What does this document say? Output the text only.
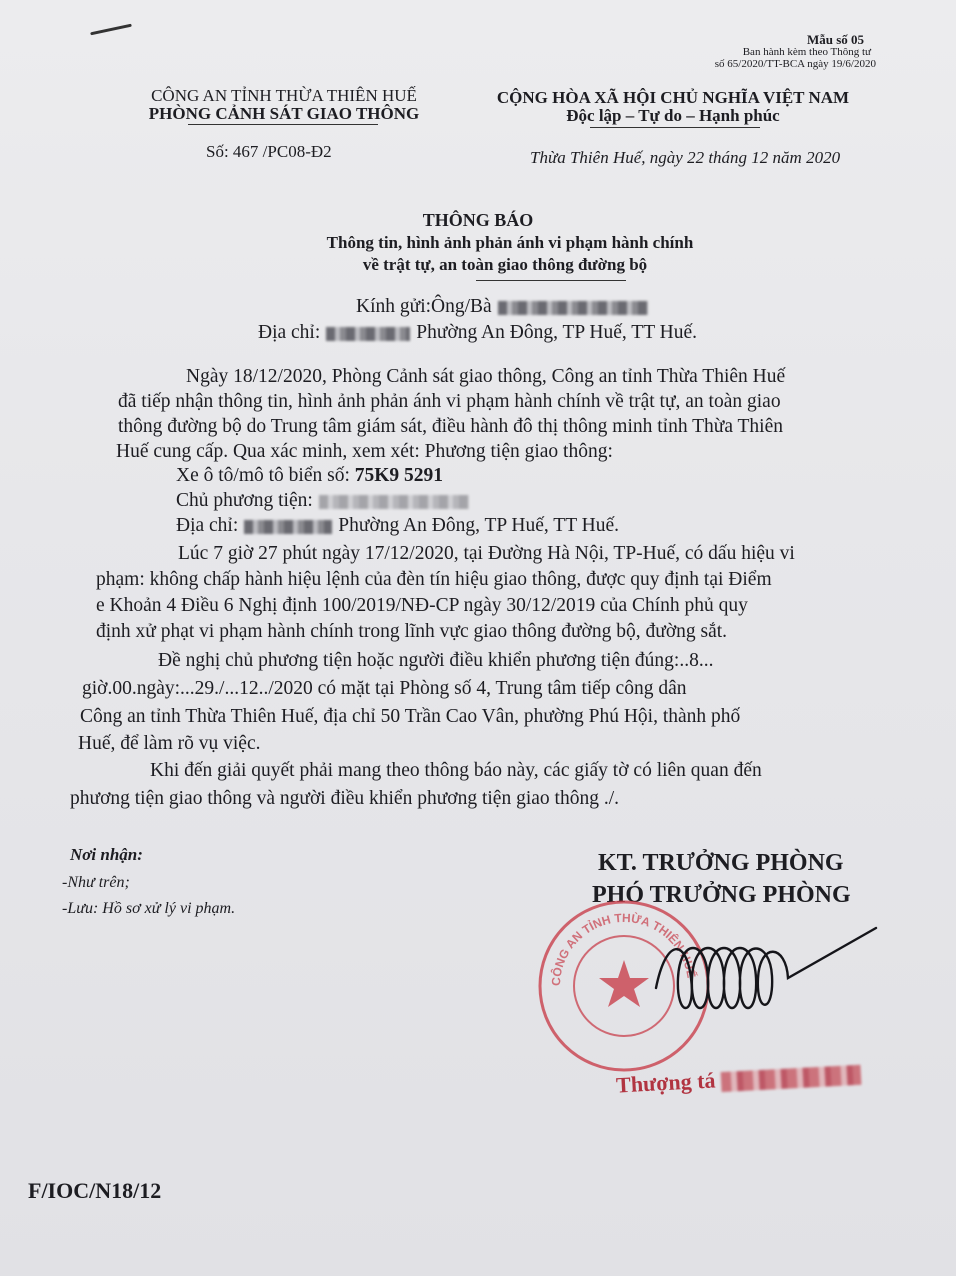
Mẫu số 05
Ban hành kèm theo Thông tư
số 65/2020/TT-BCA ngày 19/6/2020
CÔNG AN TỈNH THỪA THIÊN HUẾ
PHÒNG CẢNH SÁT GIAO THÔNG
CỘNG HÒA XÃ HỘI CHỦ NGHĨA VIỆT NAM
Độc lập – Tự do – Hạnh phúc
Số: 467 /PC08-Đ2	Thừa Thiên Huế, ngày 22 tháng 12 năm 2020
THÔNG BÁO
Thông tin, hình ảnh phản ánh vi phạm hành chính
về trật tự, an toàn giao thông đường bộ
Kính gửi:Ông/Bà
Địa chỉ:	Phường An Đông, TP Huế, TT Huế.
Ngày 18/12/2020, Phòng Cảnh sát giao thông, Công an tỉnh Thừa Thiên Huế
đã tiếp nhận thông tin, hình ảnh phản ánh vi phạm hành chính về trật tự, an toàn giao
thông đường bộ do Trung tâm giám sát, điều hành đô thị thông minh tỉnh Thừa Thiên
Huế cung cấp. Qua xác minh, xem xét: Phương tiện giao thông:
Xe ô tô/mô tô biển số: 75K9 5291
Chủ phương tiện:
Địa chỉ:	Phường An Đông, TP Huế, TT Huế.
Lúc 7 giờ 27 phút ngày 17/12/2020, tại Đường Hà Nội, TP-Huế, có dấu hiệu vi
phạm: không chấp hành hiệu lệnh của đèn tín hiệu giao thông, được quy định tại Điểm
e Khoản 4 Điều 6 Nghị định 100/2019/NĐ-CP ngày 30/12/2019 của Chính phủ quy
định xử phạt vi phạm hành chính trong lĩnh vực giao thông đường bộ, đường sắt.
Đề nghị chủ phương tiện hoặc người điều khiển phương tiện đúng:..8...
giờ.00.ngày:...29./...12../2020 có mặt tại Phòng số 4, Trung tâm tiếp công dân
Công an tỉnh Thừa Thiên Huế, địa chỉ 50 Trần Cao Vân, phường Phú Hội, thành phố
Huế, để làm rõ vụ việc.
Khi đến giải quyết phải mang theo thông báo này, các giấy tờ có liên quan đến
phương tiện giao thông và người điều khiển phương tiện giao thông ./.
Nơi nhận:
-Như trên;
-Lưu: Hồ sơ xử lý vi phạm.
KT. TRƯỞNG PHÒNG
PHÓ TRƯỞNG PHÒNG
CÔNG AN TỈNH THỪA THIÊN HUẾ
Thượng tá
F/IOC/N18/12
